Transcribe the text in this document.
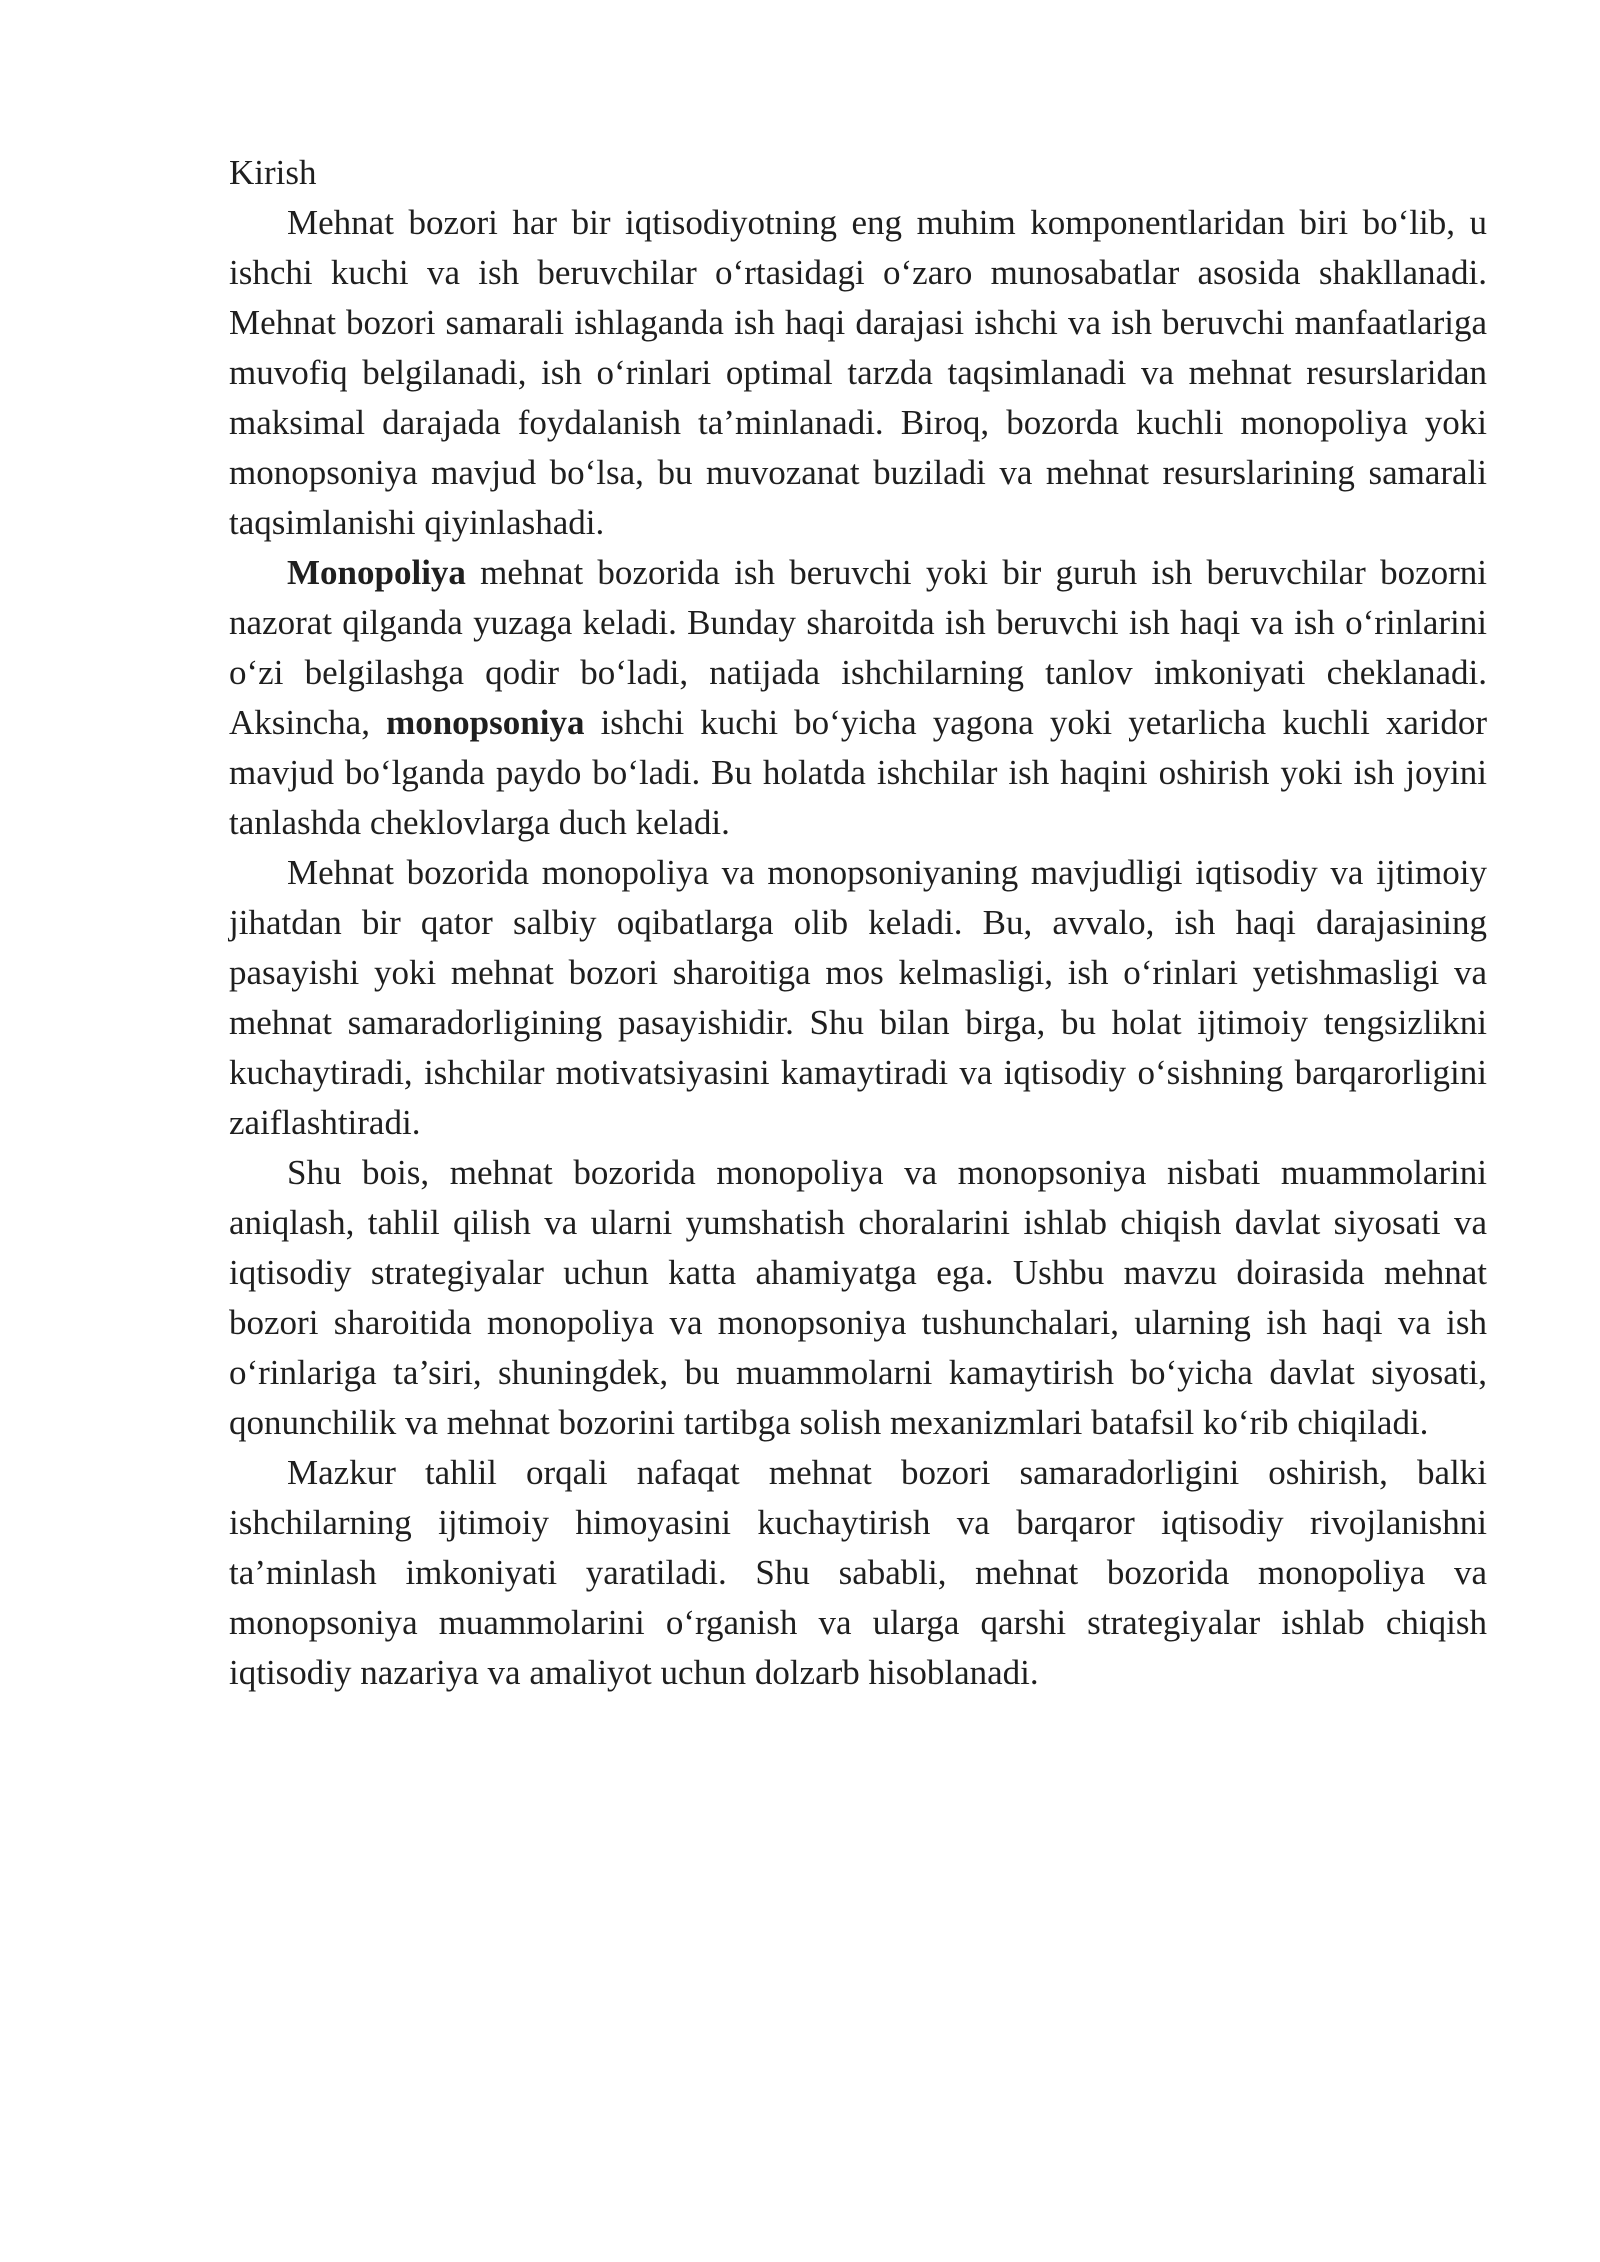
Kirish

Mehnat bozori har bir iqtisodiyotning eng muhim komponentlaridan biri bo‘lib, u ishchi kuchi va ish beruvchilar o‘rtasidagi o‘zaro munosabatlar asosida shakllanadi. Mehnat bozori samarali ishlaganda ish haqi darajasi ishchi va ish beruvchi manfaatlariga muvofiq belgilanadi, ish o‘rinlari optimal tarzda taqsimlanadi va mehnat resurslaridan maksimal darajada foydalanish ta’minlanadi. Biroq, bozorda kuchli monopoliya yoki monopsoniya mavjud bo‘lsa, bu muvozanat buziladi va mehnat resurslarining samarali taqsimlanishi qiyinlashadi.

Monopoliya mehnat bozorida ish beruvchi yoki bir guruh ish beruvchilar bozorni nazorat qilganda yuzaga keladi. Bunday sharoitda ish beruvchi ish haqi va ish o‘rinlarini o‘zi belgilashga qodir bo‘ladi, natijada ishchilarning tanlov imkoniyati cheklanadi. Aksincha, monopsoniya ishchi kuchi bo‘yicha yagona yoki yetarlicha kuchli xaridor mavjud bo‘lganda paydo bo‘ladi. Bu holatda ishchilar ish haqini oshirish yoki ish joyini tanlashda cheklovlarga duch keladi.

Mehnat bozorida monopoliya va monopsoniyaning mavjudligi iqtisodiy va ijtimoiy jihatdan bir qator salbiy oqibatlarga olib keladi. Bu, avvalo, ish haqi darajasining pasayishi yoki mehnat bozori sharoitiga mos kelmasligi, ish o‘rinlari yetishmasligi va mehnat samaradorligining pasayishidir. Shu bilan birga, bu holat ijtimoiy tengsizlikni kuchaytiradi, ishchilar motivatsiyasini kamaytiradi va iqtisodiy o‘sishning barqarorligini zaiflashtiradi.

Shu bois, mehnat bozorida monopoliya va monopsoniya nisbati muammolarini aniqlash, tahlil qilish va ularni yumshatish choralarini ishlab chiqish davlat siyosati va iqtisodiy strategiyalar uchun katta ahamiyatga ega. Ushbu mavzu doirasida mehnat bozori sharoitida monopoliya va monopsoniya tushunchalari, ularning ish haqi va ish o‘rinlariga ta’siri, shuningdek, bu muammolarni kamaytirish bo‘yicha davlat siyosati, qonunchilik va mehnat bozorini tartibga solish mexanizmlari batafsil ko‘rib chiqiladi.

Mazkur tahlil orqali nafaqat mehnat bozori samaradorligini oshirish, balki ishchilarning ijtimoiy himoyasini kuchaytirish va barqaror iqtisodiy rivojlanishni ta’minlash imkoniyati yaratiladi. Shu sababli, mehnat bozorida monopoliya va monopsoniya muammolarini o‘rganish va ularga qarshi strategiyalar ishlab chiqish iqtisodiy nazariya va amaliyot uchun dolzarb hisoblanadi.
